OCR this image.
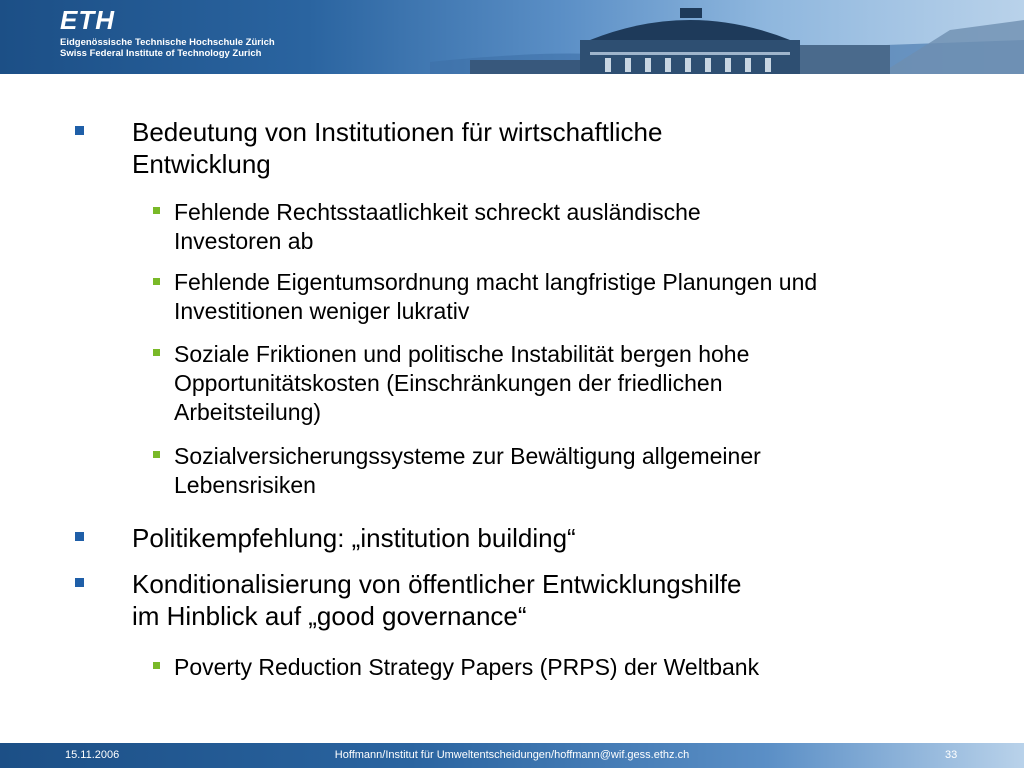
ETH
Eidgenössische Technische Hochschule Zürich
Swiss Federal Institute of Technology Zurich
Bedeutung von Institutionen für wirtschaftliche
Entwicklung
Fehlende Rechtsstaatlichkeit schreckt ausländische
Investoren ab
Fehlende Eigentumsordnung macht langfristige Planungen und
Investitionen weniger lukrativ
Soziale Friktionen und politische Instabilität bergen hohe
Opportunitätskosten (Einschränkungen der friedlichen
Arbeitsteilung)
Sozialversicherungssysteme zur Bewältigung allgemeiner
Lebensrisiken
Politikempfehlung: „institution building“
Konditionalisierung von öffentlicher Entwicklungshilfe
im Hinblick auf „good governance“
Poverty Reduction Strategy Papers (PRPS) der Weltbank
15.11.2006	Hoffmann/Institut für Umweltentscheidungen/hoffmann@wif.gess.ethz.ch	33
